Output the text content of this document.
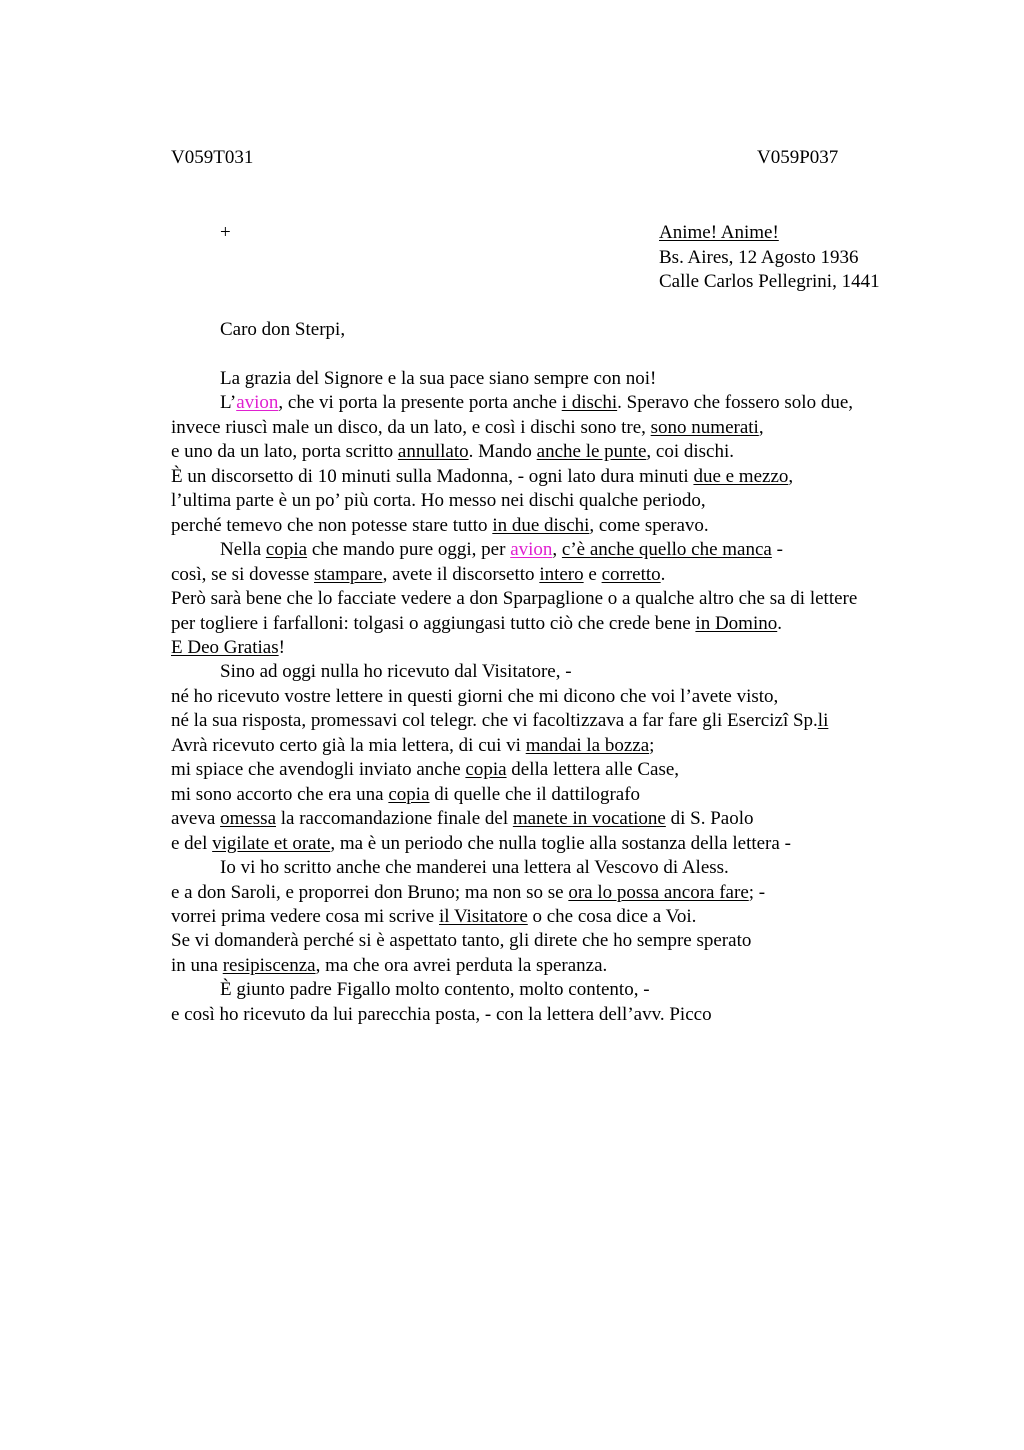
V059T031	V059P037
+	Anime! Anime!
Bs. Aires, 12 Agosto 1936
Calle Carlos Pellegrini, 1441
Caro don Sterpi,
La grazia del Signore e la sua pace siano sempre con noi!
L’avion, che vi porta la presente porta anche i dischi. Speravo che fossero solo due,
invece riuscì male un disco, da un lato, e così i dischi sono tre, sono numerati,
e uno da un lato, porta scritto annullato. Mando anche le punte, coi dischi.
È un discorsetto di 10 minuti sulla Madonna, - ogni lato dura minuti due e mezzo,
l’ultima parte è un po’ più corta. Ho messo nei dischi qualche periodo,
perché temevo che non potesse stare tutto in due dischi, come speravo.
Nella copia che mando pure oggi, per avion, c’è anche quello che manca -
così, se si dovesse stampare, avete il discorsetto intero e corretto.
Però sarà bene che lo facciate vedere a don Sparpaglione o a qualche altro che sa di lettere
per togliere i farfalloni: tolgasi o aggiungasi tutto ciò che crede bene in Domino.
E Deo Gratias!
Sino ad oggi nulla ho ricevuto dal Visitatore, -
né ho ricevuto vostre lettere in questi giorni che mi dicono che voi l’avete visto,
né la sua risposta, promessavi col telegr. che vi facoltizzava a far fare gli Esercizî Sp.li
Avrà ricevuto certo già la mia lettera, di cui vi mandai la bozza;
mi spiace che avendogli inviato anche copia della lettera alle Case,
mi sono accorto che era una copia di quelle che il dattilografo
aveva omessa la raccomandazione finale del manete in vocatione di S. Paolo
e del vigilate et orate, ma è un periodo che nulla toglie alla sostanza della lettera -
Io vi ho scritto anche che manderei una lettera al Vescovo di Aless.
e a don Saroli, e proporrei don Bruno; ma non so se ora lo possa ancora fare; -
vorrei prima vedere cosa mi scrive il Visitatore o che cosa dice a Voi.
Se vi domanderà perché si è aspettato tanto, gli direte che ho sempre sperato
in una resipiscenza, ma che ora avrei perduta la speranza.
È giunto padre Figallo molto contento, molto contento, -
e così ho ricevuto da lui parecchia posta, - con la lettera dell’avv. Picco
